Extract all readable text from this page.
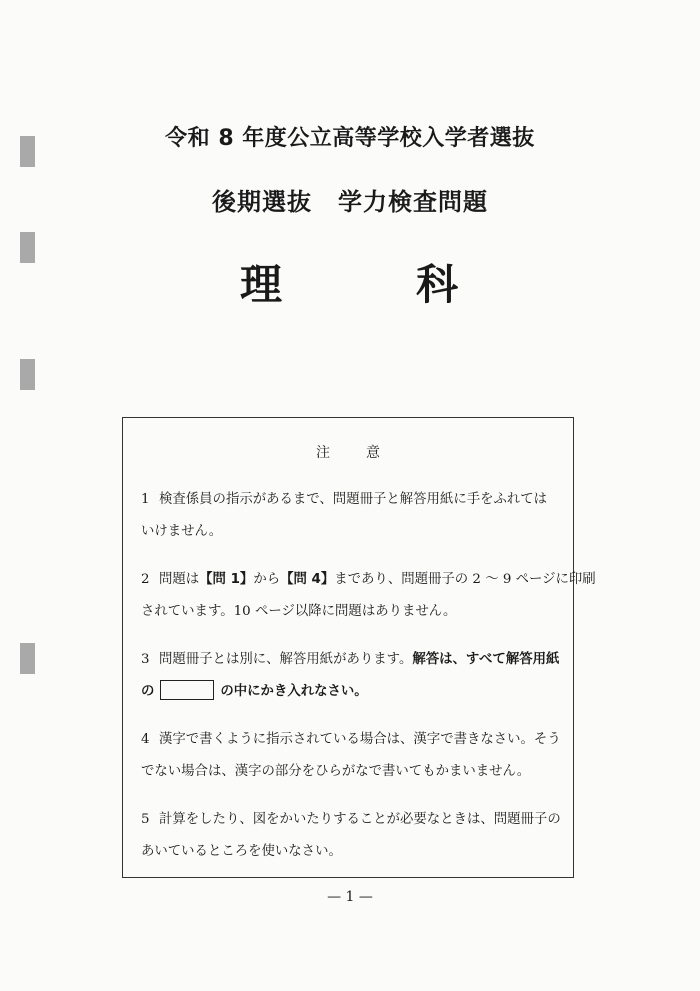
令和 8 年度公立高等学校入学者選抜
後期選抜 学力検査問題
理	科
注	意
1 検査係員の指示があるまで、問題冊子と解答用紙に手をふれては
いけません。
2 問題は【問 1】から【問 4】まであり、問題冊子の 2 ～ 9 ページに印刷
されています。10 ページ以降に問題はありません。
3 問題冊子とは別に、解答用紙があります。解答は、すべて解答用紙
の	の中にかき入れなさい。
4 漢字で書くように指示されている場合は、漢字で書きなさい。そう
でない場合は、漢字の部分をひらがなで書いてもかまいません。
5 計算をしたり、図をかいたりすることが必要なときは、問題冊子の
あいているところを使いなさい。
— 1 —
